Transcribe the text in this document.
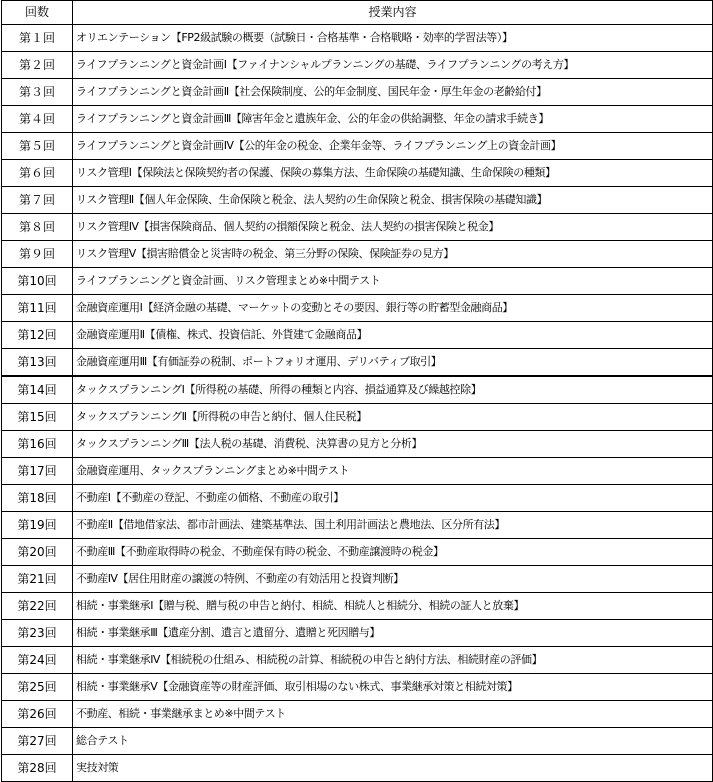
回数	授業内容
第１回	オリエンテーション【FP2級試験の概要（試験日・合格基準・合格戦略・効率的学習法等）】
第２回	ライフプランニングと資金計画Ⅰ【ファイナンシャルプランニングの基礎、ライフプランニングの考え方】
第３回	ライフプランニングと資金計画Ⅱ【社会保険制度、公的年金制度、国民年金・厚生年金の老齢給付】
第４回	ライフプランニングと資金計画Ⅲ【障害年金と遺族年金、公的年金の供給調整、年金の請求手続き】
第５回	ライフプランニングと資金計画Ⅳ【公的年金の税金、企業年金等、ライフプランニング上の資金計画】
第６回	リスク管理Ⅰ【保険法と保険契約者の保護、保険の募集方法、生命保険の基礎知識、生命保険の種類】
第７回	リスク管理Ⅱ【個人年金保険、生命保険と税金、法人契約の生命保険と税金、損害保険の基礎知識】
第８回	リスク管理Ⅳ【損害保険商品、個人契約の損額保険と税金、法人契約の損害保険と税金】
第９回	リスク管理Ⅴ【損害賠償金と災害時の税金、第三分野の保険、保険証券の見方】
第10回	ライフプランニングと資金計画、リスク管理まとめ※中間テスト
第11回	金融資産運用Ⅰ【経済金融の基礎、マーケットの変動とその要因、銀行等の貯蓄型金融商品】
第12回	金融資産運用Ⅱ【債権、株式、投資信託、外貨建て金融商品】
第13回	金融資産運用Ⅲ【有価証券の税制、ポートフォリオ運用、デリバティブ取引】
第14回	タックスプランニングⅠ【所得税の基礎、所得の種類と内容、損益通算及び繰越控除】
第15回	タックスプランニングⅡ【所得税の申告と納付、個人住民税】
第16回	タックスプランニングⅢ【法人税の基礎、消費税、決算書の見方と分析】
第17回	金融資産運用、タックスプランニングまとめ※中間テスト
第18回	不動産Ⅰ【不動産の登記、不動産の価格、不動産の取引】
第19回	不動産Ⅱ【借地借家法、都市計画法、建築基準法、国土利用計画法と農地法、区分所有法】
第20回	不動産Ⅲ【不動産取得時の税金、不動産保有時の税金、不動産譲渡時の税金】
第21回	不動産Ⅳ【居住用財産の譲渡の特例、不動産の有効活用と投資判断】
第22回	相続・事業継承Ⅰ【贈与税、贈与税の申告と納付、相続、相続人と相続分、相続の証人と放棄】
第23回	相続・事業継承Ⅲ【遺産分割、遺言と遺留分、遺贈と死因贈与】
第24回	相続・事業継承Ⅳ【相続税の仕組み、相続税の計算、相続税の申告と納付方法、相続財産の評価】
第25回	相続・事業継承Ⅴ【金融資産等の財産評価、取引相場のない株式、事業継承対策と相続対策】
第26回	不動産、相続・事業継承まとめ※中間テスト
第27回	総合テスト
第28回	実技対策
